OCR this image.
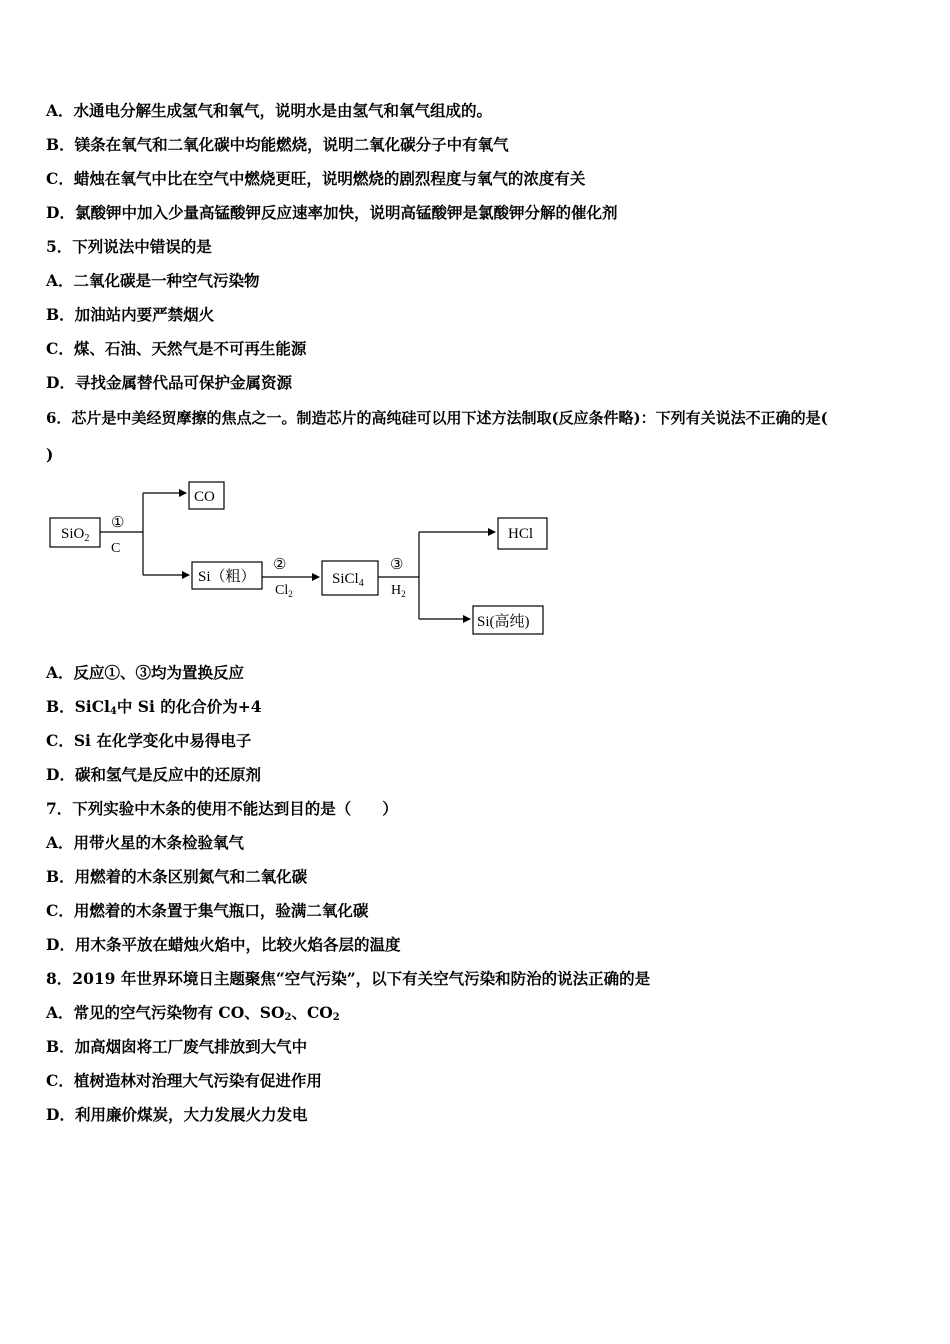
A．水通电分解生成氢气和氧气，说明水是由氢气和氧气组成的。
B．镁条在氧气和二氧化碳中均能燃烧，说明二氧化碳分子中有氧气
C．蜡烛在氧气中比在空气中燃烧更旺，说明燃烧的剧烈程度与氧气的浓度有关
D．氯酸钾中加入少量高锰酸钾反应速率加快，说明高锰酸钾是氯酸钾分解的催化剂
5．下列说法中错误的是
A．二氧化碳是一种空气污染物
B．加油站内要严禁烟火
C．煤、石油、天然气是不可再生能源
D．寻找金属替代品可保护金属资源
6．芯片是中美经贸摩擦的焦点之一。制造芯片的高纯硅可以用下述方法制取(反应条件略)：下列有关说法不正确的是(
)
SiO$_2$
①
C
CO
Si（粗）
②
$Cl_2$
SiCl$_4$
③
$H_2$
HCl
Si(高纯)
A．反应①、③均为置换反应
B．SiCl$_4$中 Si 的化合价为+4
C．Si 在化学变化中易得电子
D．碳和氢气是反应中的还原剂
7．下列实验中木条的使用不能达到目的是（　　）
A．用带火星的木条检验氧气
B．用燃着的木条区别氮气和二氧化碳
C．用燃着的木条置于集气瓶口，验满二氧化碳
D．用木条平放在蜡烛火焰中，比较火焰各层的温度
8．2019 年世界环境日主题聚焦“空气污染”，以下有关空气污染和防治的说法正确的是
A．常见的空气污染物有 CO、$SO_2$、$CO_2$
B．加高烟囱将工厂废气排放到大气中
C．植树造林对治理大气污染有促进作用
D．利用廉价煤炭，大力发展火力发电
